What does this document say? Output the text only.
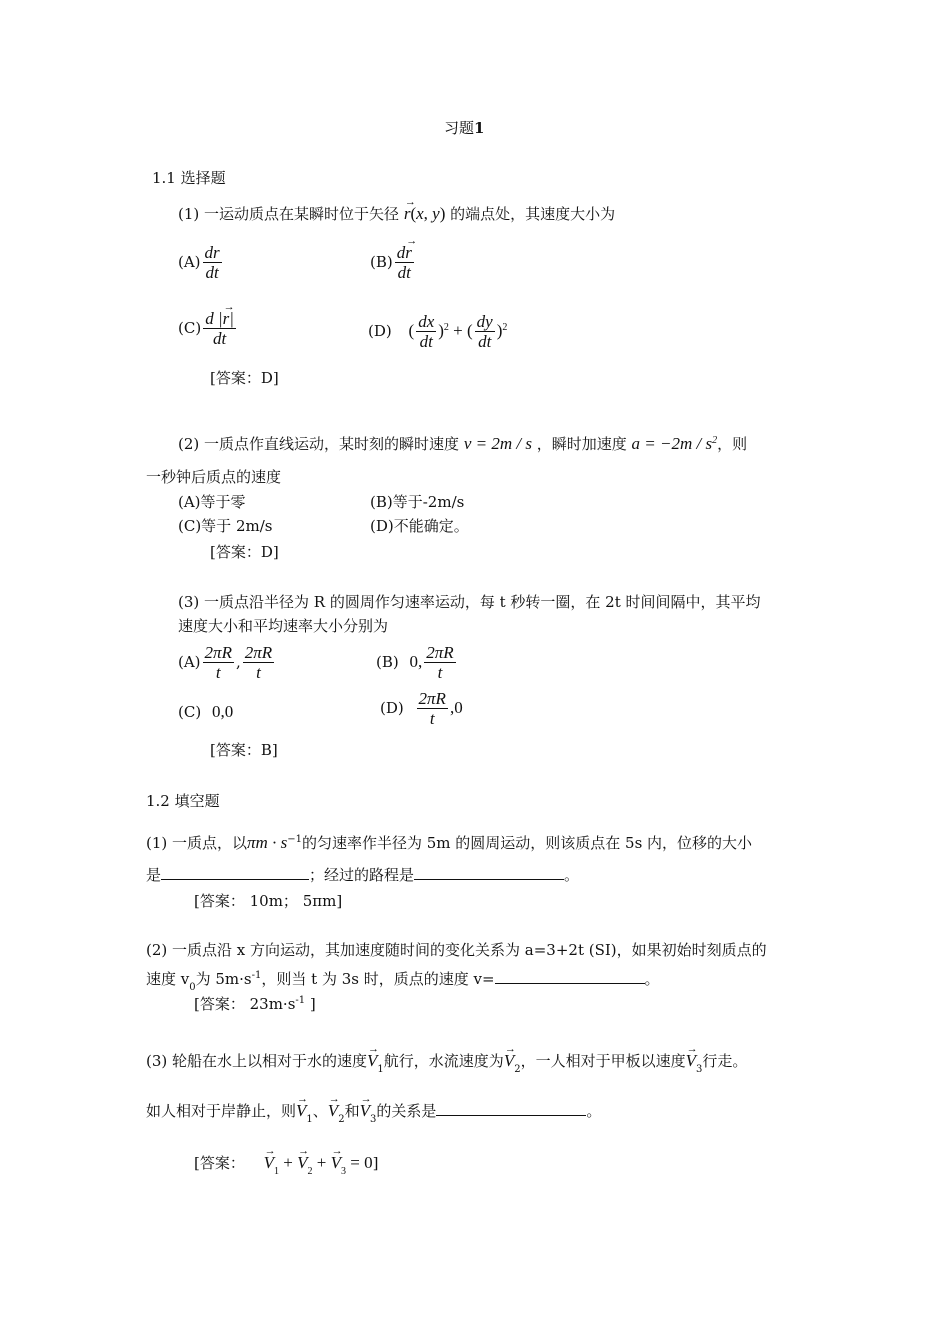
习题1
1.1 选择题
(1) 一运动质点在某瞬时位于矢径 r
→
(x, y) 的端点处，其速度大小为
$(A) \frac{dr}{dt}$	(B) dr
→
dt
(C) d |r
→
|
dt	(D) ( $\frac{dx}{dt} )^2$ + ( $\frac{dy}{dt} )^2$
[答案：D]
(2) 一质点作直线运动，某时刻的瞬时速度 v = 2m / s ，瞬时加速度 $a = -2m / s^2$，则
一秒钟后质点的速度
(A)等于零	(B)等于-2m/s
(C)等于 2m/s	(D)不能确定。
[答案：D]
(3) 一质点沿半径为 R 的圆周作匀速率运动，每 t 秒转一圈，在 2t 时间间隔中，其平均
速度大小和平均速率大小分别为
$(A) \frac{2\pi R}{t}$ , $\frac{2\pi R}{t}$	(B) 0, $\frac{2\pi R}{t}$
(C) 0,0	$(D) \frac{2\pi R}{t} ,0$
[答案：B]
1.2 填空题
(1) 一质点，以$\pi m \cdot s^{-1}$的匀速率作半径为 5m 的圆周运动，则该质点在 5s 内，位移的大小
是	；经过的路程是	。
[答案： 10m； 5πm]
(2) 一质点沿 x 方向运动，其加速度随时间的变化关系为 a=3+2t (SI)，如果初始时刻质点的
速度 $v_0$为 $5m\cdot s^{-1}$，则当 t 为 3s 时，质点的速度 v=	。
[答案： $23m\cdot s^{-1}$ ]
(3) 轮船在水上以相对于水的速度V
→
$_1$航行，水流速度为V
→
$_2$，一人相对于甲板以速度V
→
$_3$行走。
如人相对于岸静止，则V
→
$_1$、V
→
$_2$和V
→
$_3$的关系是	。
[答案： V
→
$_1$ + V
→
$_2$ + V
→
$_3$ = 0]
